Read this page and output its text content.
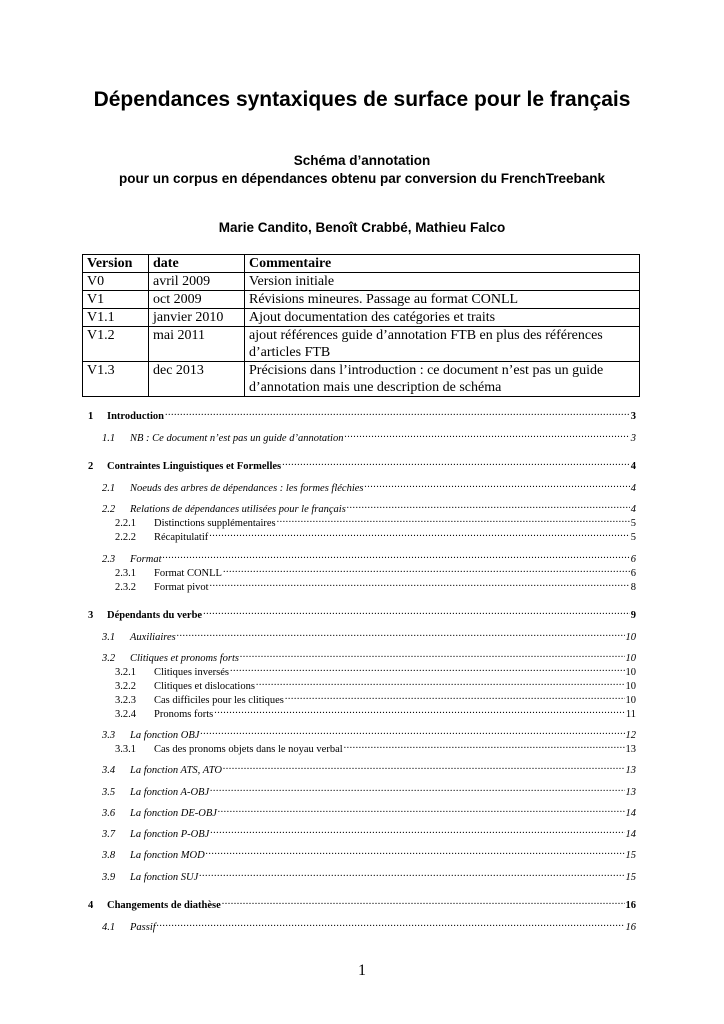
Dépendances syntaxiques de surface pour le français
Schéma d’annotation
pour un corpus en dépendances obtenu par conversion du FrenchTreebank
Marie Candito, Benoît Crabbé, Mathieu Falco
Version	date	Commentaire
V0	avril 2009	Version initiale
V1	oct 2009	Révisions mineures. Passage au format CONLL
V1.1	janvier 2010	Ajout documentation des catégories et traits
V1.2	mai 2011	ajout références guide d’annotation FTB en plus des références d’articles FTB
V1.3	dec 2013	Précisions dans l’introduction : ce document n’est pas un guide d’annotation mais une description de schéma
1	Introduction .....	3
1.1	NB : Ce document n’est pas un guide d’annotation .....	3
2	Contraintes Linguistiques et Formelles .....	4
2.1	Noeuds des arbres de dépendances : les formes fléchies .....	4
2.2	Relations de dépendances utilisées pour le français .....	4
2.2.1	Distinctions supplémentaires .....	5
2.2.2	Récapitulatif .....	5
2.3	Format .....	6
2.3.1	Format CONLL .....	6
2.3.2	Format pivot .....	8
3	Dépendants du verbe .....	9
3.1	Auxiliaires .....	10
3.2	Clitiques et pronoms forts .....	10
3.2.1	Clitiques inversés .....	10
3.2.2	Clitiques et dislocations .....	10
3.2.3	Cas difficiles pour les clitiques .....	10
3.2.4	Pronoms forts .....	11
3.3	La fonction OBJ .....	12
3.3.1	Cas des pronoms objets dans le noyau verbal .....	13
3.4	La fonction ATS, ATO .....	13
3.5	La fonction A-OBJ .....	13
3.6	La fonction DE-OBJ .....	14
3.7	La fonction P-OBJ .....	14
3.8	La fonction MOD .....	15
3.9	La fonction SUJ .....	15
4	Changements de diathèse .....	16
4.1	Passif .....	16
1
